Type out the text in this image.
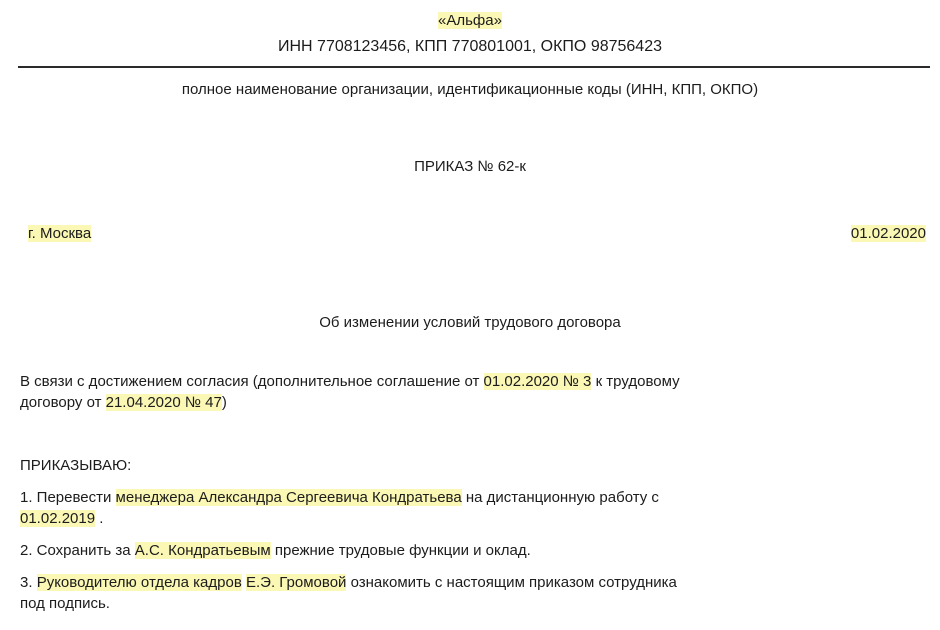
«Альфа»
ИНН 7708123456, КПП 770801001, ОКПО 98756423
полное наименование организации, идентификационные коды (ИНН, КПП, ОКПО)
ПРИКАЗ № 62-к
г. Москва	01.02.2020
Об изменении условий трудового договора
В связи с достижением согласия (дополнительное соглашение от 01.02.2020 № 3 к трудовому
договору от 21.04.2020 № 47)
ПРИКАЗЫВАЮ:
1. Перевести менеджера Александра Сергеевича Кондратьева на дистанционную работу с
01.02.2019 .
2. Сохранить за А.С. Кондратьевым прежние трудовые функции и оклад.
3. Руководителю отдела кадров Е.Э. Громовой ознакомить с настоящим приказом сотрудника
под подпись.
